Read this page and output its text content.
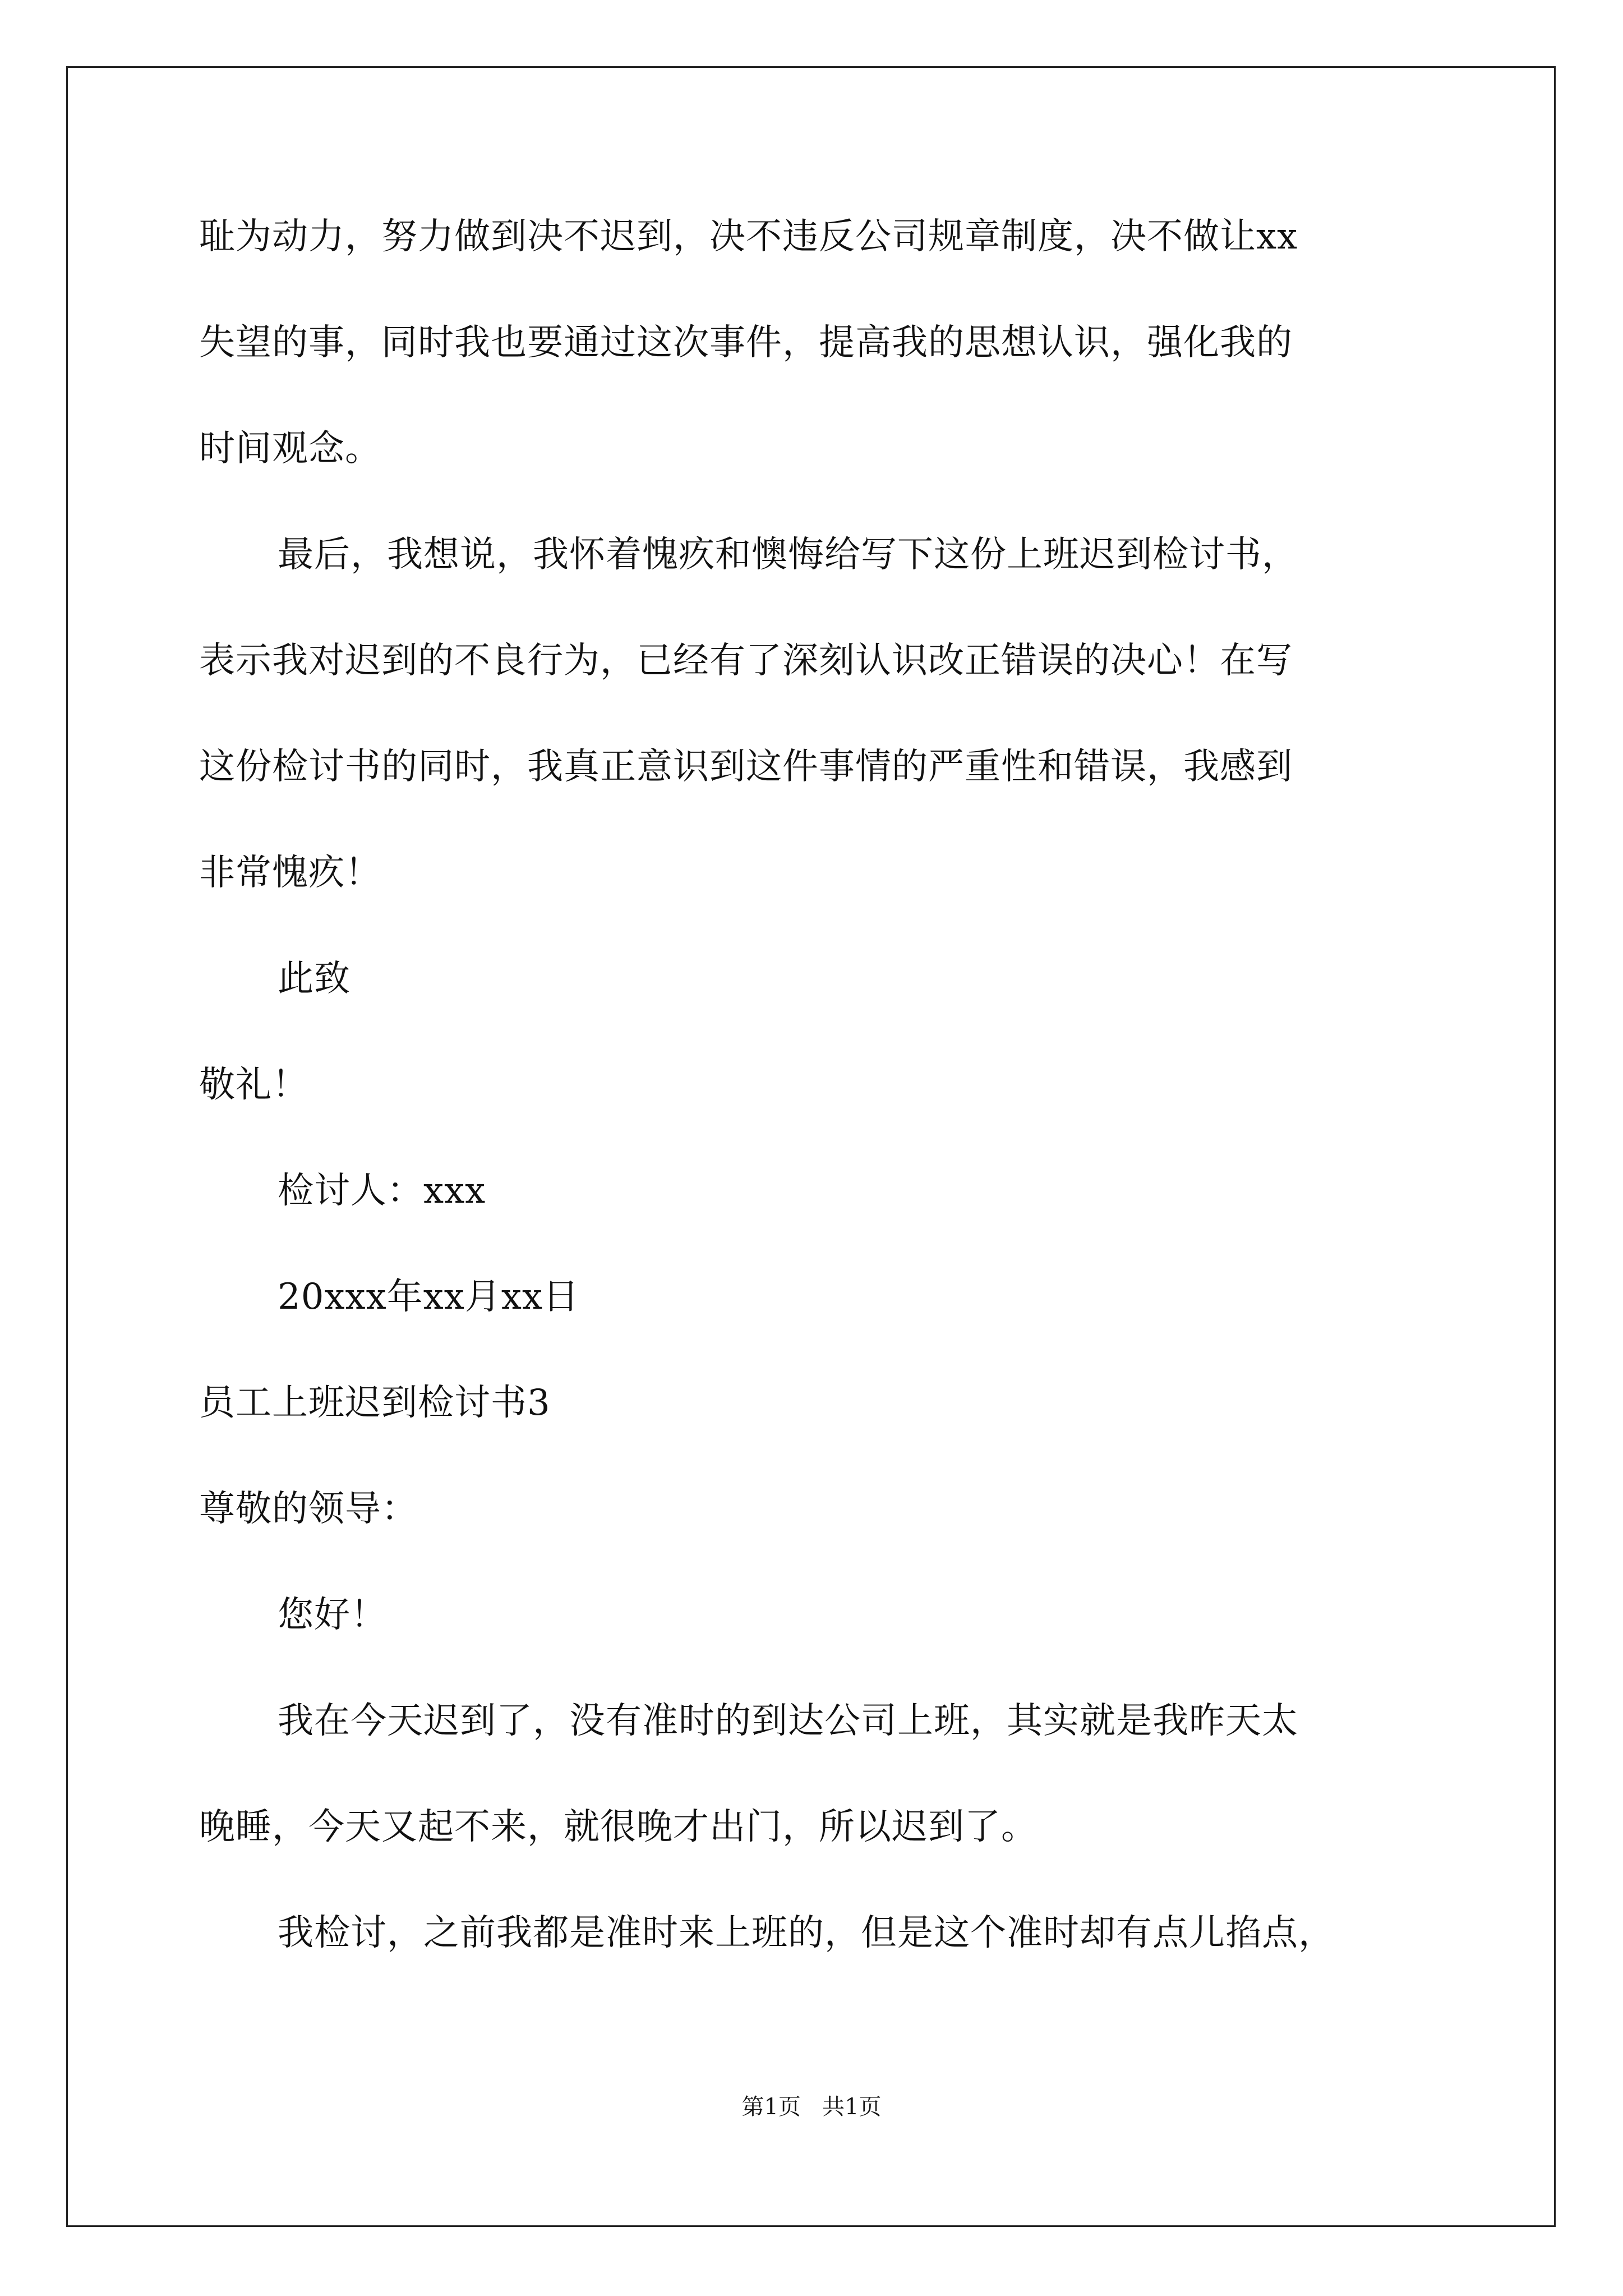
耻为动力，努力做到决不迟到，决不违反公司规章制度，决不做让xx
失望的事，同时我也要通过这次事件，提高我的思想认识，强化我的
时间观念。
最后，我想说，我怀着愧疚和懊悔给写下这份上班迟到检讨书，
表示我对迟到的不良行为，已经有了深刻认识改正错误的决心！在写
这份检讨书的同时，我真正意识到这件事情的严重性和错误，我感到
非常愧疚！
此致
敬礼！
检讨人：xxx
20xxx年xx月xx日
员工上班迟到检讨书3
尊敬的领导：
您好！
我在今天迟到了，没有准时的到达公司上班，其实就是我昨天太
晚睡，今天又起不来，就很晚才出门，所以迟到了。
我检讨，之前我都是准时来上班的，但是这个准时却有点儿掐点，
第1页   共1页
